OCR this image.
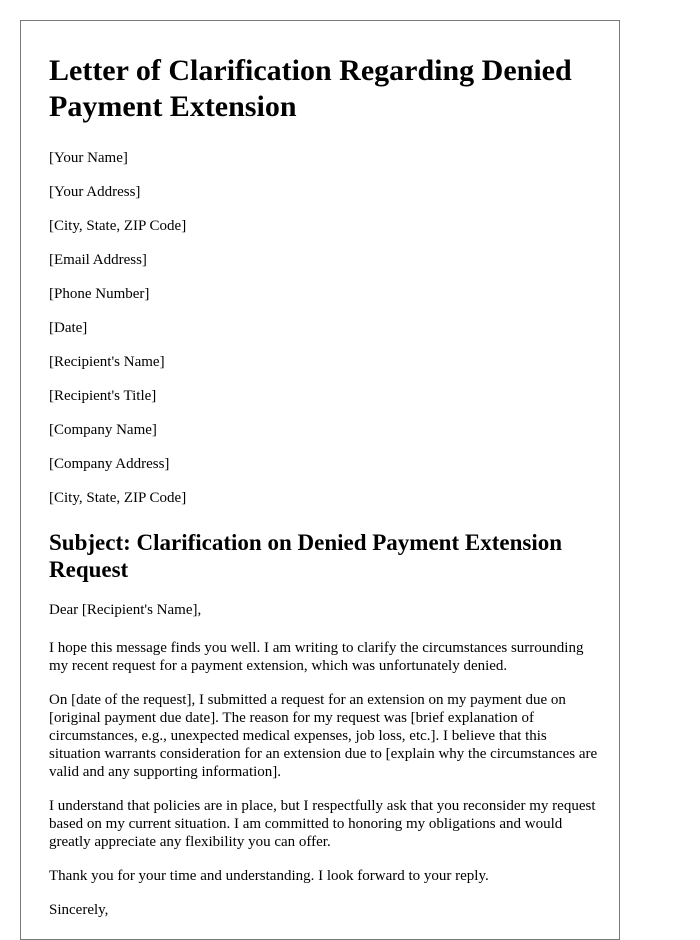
Letter of Clarification Regarding Denied Payment Extension
[Your Name]
[Your Address]
[City, State, ZIP Code]
[Email Address]
[Phone Number]
[Date]
[Recipient's Name]
[Recipient's Title]
[Company Name]
[Company Address]
[City, State, ZIP Code]
Subject: Clarification on Denied Payment Extension Request
Dear [Recipient's Name],
I hope this message finds you well. I am writing to clarify the circumstances surrounding my recent request for a payment extension, which was unfortunately denied.
On [date of the request], I submitted a request for an extension on my payment due on [original payment due date]. The reason for my request was [brief explanation of circumstances, e.g., unexpected medical expenses, job loss, etc.]. I believe that this situation warrants consideration for an extension due to [explain why the circumstances are valid and any supporting information].
I understand that policies are in place, but I respectfully ask that you reconsider my request based on my current situation. I am committed to honoring my obligations and would greatly appreciate any flexibility you can offer.
Thank you for your time and understanding. I look forward to your reply.
Sincerely,
